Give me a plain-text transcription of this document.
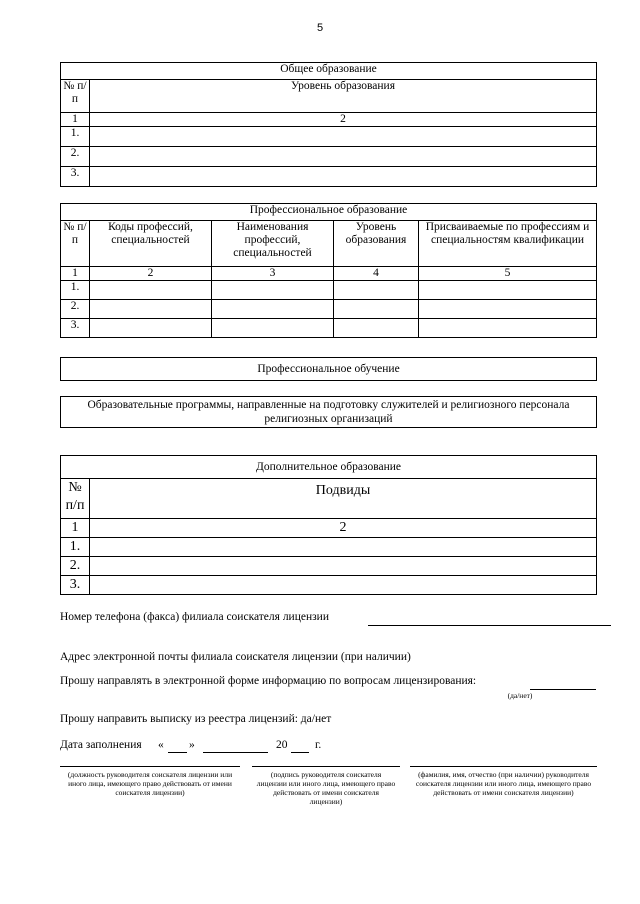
5
Общее образование	
№ п/п	Уровень образования
1	2
1.	
2.	
3.	
Профессиональное образование				
№ п/п	Коды профессий, специальностей	Наименования профессий, специальностей	Уровень образования	Присваиваемые по профессиям и специальностям квалификации
1	2	3	4	5
1.				
2.				
3.				
Профессиональное обучение
Образовательные программы, направленные на подготовку служителей и религиозного персонала религиозных организаций
Дополнительное образование	
№ п/п	Подвиды
1	2
1.	
2.	
3.	
Номер телефона (факса) филиала соискателя лицензии
Адрес электронной почты филиала соискателя лицензии (при наличии)
Прошу направлять в электронной форме информацию по вопросам лицензирования:
(да/нет)
Прошу направить выписку из реестра лицензий: да/нет
Дата заполнения « »	20 г.
(должность руководителя соискателя лицензии или иного лица, имеющего право действовать от имени соискателя лицензии)
(подпись руководителя соискателя лицензии или иного лица, имеющего право действовать от имени соискателя лицензии)
(фамилия, имя, отчество (при наличии) руководителя соискателя лицензии или иного лица, имеющего право действовать от имени соискателя лицензии)
